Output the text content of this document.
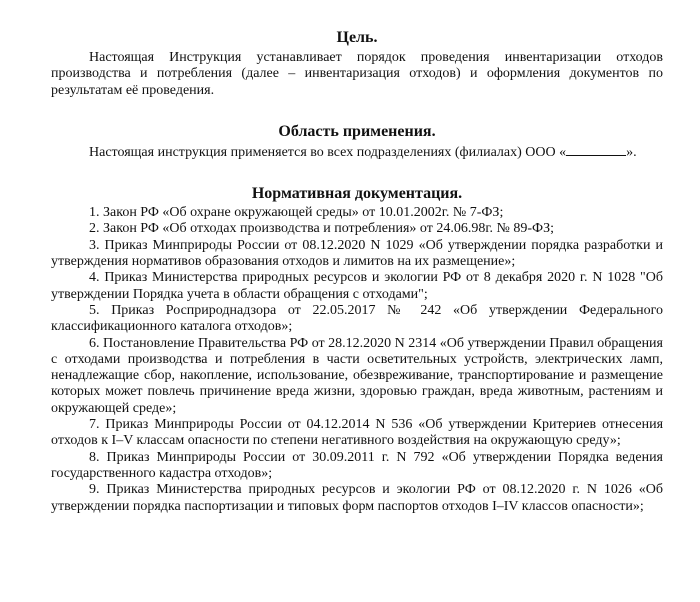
Цель.

Настоящая Инструкция устанавливает порядок проведения инвентаризации отходов производства и потребления (далее – инвентаризация отходов) и оформления документов по результатам её проведения.

Область применения.

Настоящая инструкция применяется во всех подразделениях (филиалах) ООО «	».

Нормативная документация.

1. Закон РФ «Об охране окружающей среды» от 10.01.2002г. № 7-ФЗ;
2. Закон РФ «Об отходах производства и потребления» от 24.06.98г. № 89-ФЗ;
3. Приказ Минприроды России от 08.12.2020 N 1029 «Об утверждении порядка разработки и утверждения нормативов образования отходов и лимитов на их размещение»;
4. Приказ Министерства природных ресурсов и экологии РФ от 8 декабря 2020 г. N 1028 "Об утверждении Порядка учета в области обращения с отходами";
5. Приказ Росприроднадзора от 22.05.2017 № 242 «Об утверждении Федерального классификационного каталога отходов»;
6. Постановление Правительства РФ от 28.12.2020 N 2314 «Об утверждении Правил обращения с отходами производства и потребления в части осветительных устройств, электрических ламп, ненадлежащие сбор, накопление, использование, обезвреживание, транспортирование и размещение которых может повлечь причинение вреда жизни, здоровью граждан, вреда животным, растениям и окружающей среде»;
7. Приказ Минприроды России от 04.12.2014 N 536 «Об утверждении Критериев отнесения отходов к I–V классам опасности по степени негативного воздействия на окружающую среду»;
8. Приказ Минприроды России от 30.09.2011 г. N 792 «Об утверждении Порядка ведения государственного кадастра отходов»;
9. Приказ Министерства природных ресурсов и экологии РФ от 08.12.2020 г. N 1026 «Об утверждении порядка паспортизации и типовых форм паспортов отходов I–IV классов опасности»;
